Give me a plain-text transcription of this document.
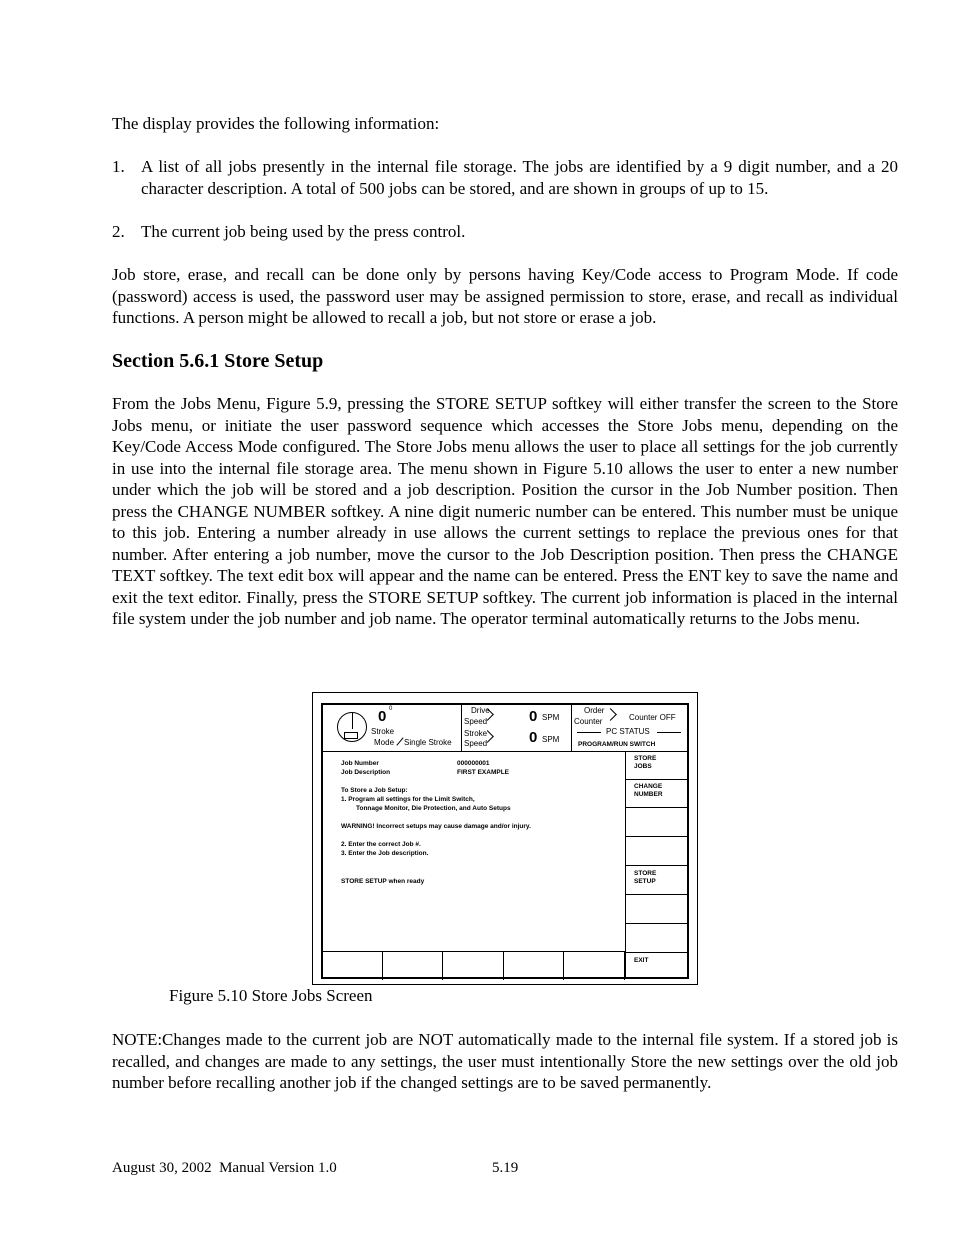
The display provides the following information:

1. A list of all jobs presently in the internal file storage. The jobs are identified by a 9 digit number, and a 20 character description. A total of 500 jobs can be stored, and are shown in groups of up to 15.
2. The current job being used by the press control.

Job store, erase, and recall can be done only by persons having Key/Code access to Program Mode. If code (password) access is used, the password user may be assigned permission to store, erase, and recall as individual functions. A person might be allowed to recall a job, but not store or erase a job.

Section 5.6.1 Store Setup

From the Jobs Menu, Figure 5.9, pressing the STORE SETUP softkey will either transfer the screen to the Store Jobs menu, or initiate the user password sequence which accesses the Store Jobs menu, depending on the Key/Code Access Mode configured. The Store Jobs menu allows the user to place all settings for the job currently in use into the internal file storage area. The menu shown in Figure 5.10 allows the user to enter a new number under which the job will be stored and a job description. Position the cursor in the Job Number position. Then press the CHANGE NUMBER softkey. A nine digit numeric number can be entered. This number must be unique to this job. Entering a number already in use allows the current settings to replace the previous ones for that number. After entering a job number, move the cursor to the Job Description position. Then press the CHANGE TEXT softkey. The text edit box will appear and the name can be entered. Press the ENT key to save the name and exit the text editor. Finally, press the STORE SETUP softkey. The current job information is placed in the internal file system under the job number and job name. The operator terminal automatically returns to the Jobs menu.

Figure 5.10 Store Jobs Screen

NOTE:Changes made to the current job are NOT automatically made to the internal file system. If a stored job is recalled, and changes are made to any settings, the user must intentionally Store the new settings over the old job number before recalling another job if the changed settings are to be saved permanently.

August 30, 2002  Manual Version 1.0	5.19
0 0
Stroke
Mode Single Stroke
Drive
Speed
Stroke
Speed
0 SPM
0 SPM
Order
Counter	Counter OFF
PC STATUS
PROGRAM/RUN SWITCH
Job Number	000000001
Job Description	FIRST EXAMPLE
To Store a Job Setup:
1. Program all settings for the Limit Switch,
Tonnage Monitor, Die Protection, and Auto Setups
WARNING! Incorrect setups may cause damage and/or injury.
2. Enter the correct Job #.
3. Enter the Job description.
STORE SETUP when ready
STORE
JOBS
CHANGE
NUMBER
STORE
SETUP
EXIT
